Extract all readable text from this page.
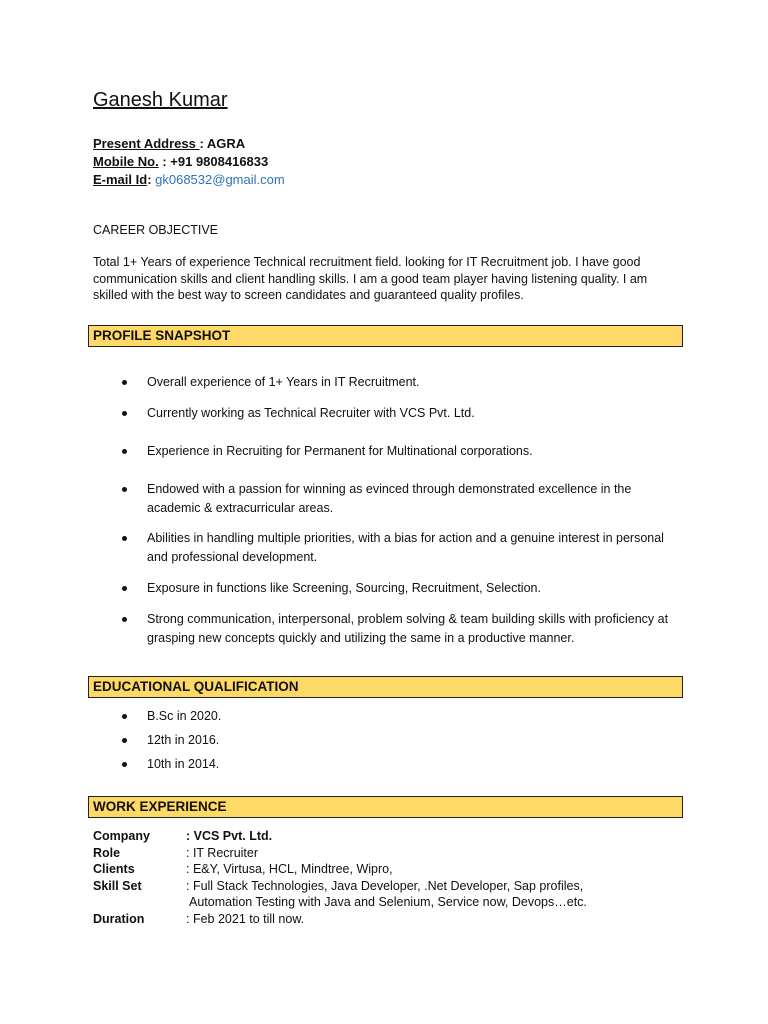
Ganesh Kumar
Present Address : AGRA
Mobile No. : +91 9808416833
E-mail Id: gk068532@gmail.com
CAREER OBJECTIVE
Total 1+ Years of experience Technical recruitment field. looking for IT Recruitment job. I have good communication skills and client handling skills. I am a good team player having listening quality. I am skilled with the best way to screen candidates and guaranteed quality profiles.
PROFILE SNAPSHOT
Overall experience of 1+ Years in IT Recruitment.
Currently working as Technical Recruiter with VCS Pvt. Ltd.
Experience in Recruiting for Permanent for Multinational corporations.
Endowed with a passion for winning as evinced through demonstrated excellence in the academic & extracurricular areas.
Abilities in handling multiple priorities, with a bias for action and a genuine interest in personal and professional development.
Exposure in functions like Screening, Sourcing, Recruitment, Selection.
Strong communication, interpersonal, problem solving & team building skills with proficiency at grasping new concepts quickly and utilizing the same in a productive manner.
EDUCATIONAL QUALIFICATION
B.Sc in 2020.
12th in 2016.
10th in 2014.
WORK EXPERIENCE
Company	: VCS Pvt. Ltd.
Role	: IT Recruiter
Clients	: E&Y, Virtusa, HCL, Mindtree, Wipro,
Skill Set	: Full Stack Technologies, Java Developer, .Net Developer, Sap profiles,
Automation Testing with Java and Selenium, Service now, Devops…etc.
Duration	: Feb 2021 to till now.
